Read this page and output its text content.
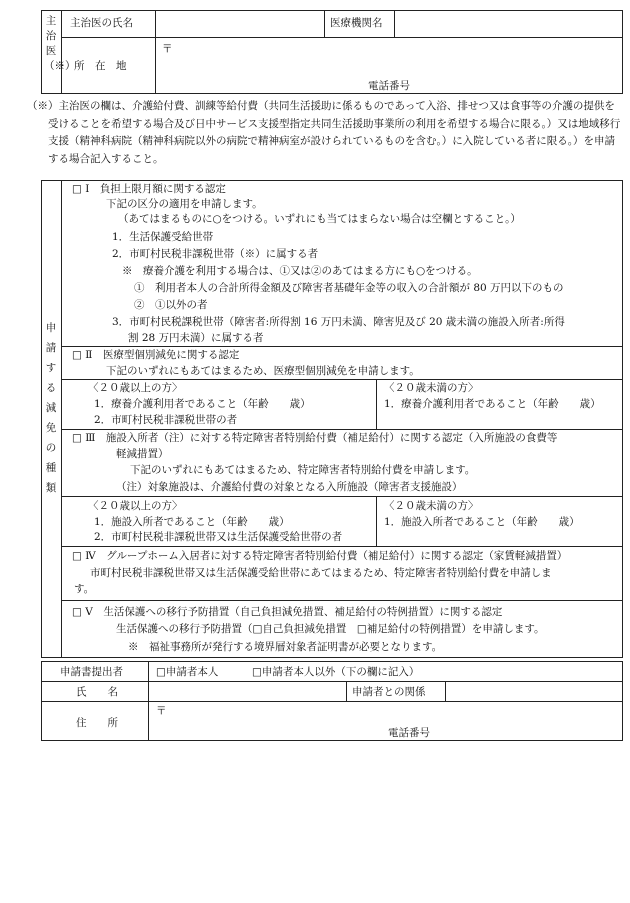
主治医（※）
主治医の氏名	医療機関名
所　在　地
〒
電話番号
（※）主治医の欄は、介護給付費、訓練等給付費（共同生活援助に係るものであって入浴、排せつ又は食事等の介護の提供を受けることを希望する場合及び日中サービス支援型指定共同生活援助事業所の利用を希望する場合に限る。）又は地域移行支援（精神科病院（精神科病院以外の病院で精神病室が設けられているものを含む。）に入院している者に限る。）を申請する場合記入すること。
申請する減免の種類
□ Ⅰ　負担上限月額に関する認定
下記の区分の適用を申請します。
（あてはまるものに○をつける。いずれにも当てはまらない場合は空欄とすること。）
1．生活保護受給世帯
2．市町村民税非課税世帯（※）に属する者
※　療養介護を利用する場合は、①又は②のあてはまる方にも○をつける。
①　利用者本人の合計所得金額及び障害者基礎年金等の収入の合計額が 80 万円以下のもの
②　①以外の者
3．市町村民税課税世帯（障害者:所得割 16 万円未満、障害児及び 20 歳未満の施設入所者:所得
割 28 万円未満）に属する者
□ Ⅱ　医療型個別減免に関する認定
下記のいずれにもあてはまるため、医療型個別減免を申請します。
〈２０歳以上の方〉
1．療養介護利用者であること（年齢　　歳）
2．市町村民税非課税世帯の者
〈２０歳未満の方〉
1．療養介護利用者であること（年齢　　歳）
□ Ⅲ　施設入所者（注）に対する特定障害者特別給付費（補足給付）に関する認定（入所施設の食費等
軽減措置）
下記のいずれにもあてはまるため、特定障害者特別給付費を申請します。
（注）対象施設は、介護給付費の対象となる入所施設（障害者支援施設）
〈２０歳以上の方〉
1．施設入所者であること（年齢　　歳）
2．市町村民税非課税世帯又は生活保護受給世帯の者
〈２０歳未満の方〉
1．施設入所者であること（年齢　　歳）
□ Ⅳ　グループホーム入居者に対する特定障害者特別給付費（補足給付）に関する認定（家賃軽減措置）
市町村民税非課税世帯又は生活保護受給世帯にあてはまるため、特定障害者特別給付費を申請しま
す。
□ Ⅴ　生活保護への移行予防措置（自己負担減免措置、補足給付の特例措置）に関する認定
生活保護への移行予防措置（□自己負担減免措置　□補足給付の特例措置）を申請します。
※　福祉事務所が発行する境界層対象者証明書が必要となります。
申請書提出者	□申請者本人	□申請者本人以外（下の欄に記入）
氏　　名	申請者との関係
住　　所
〒
電話番号
